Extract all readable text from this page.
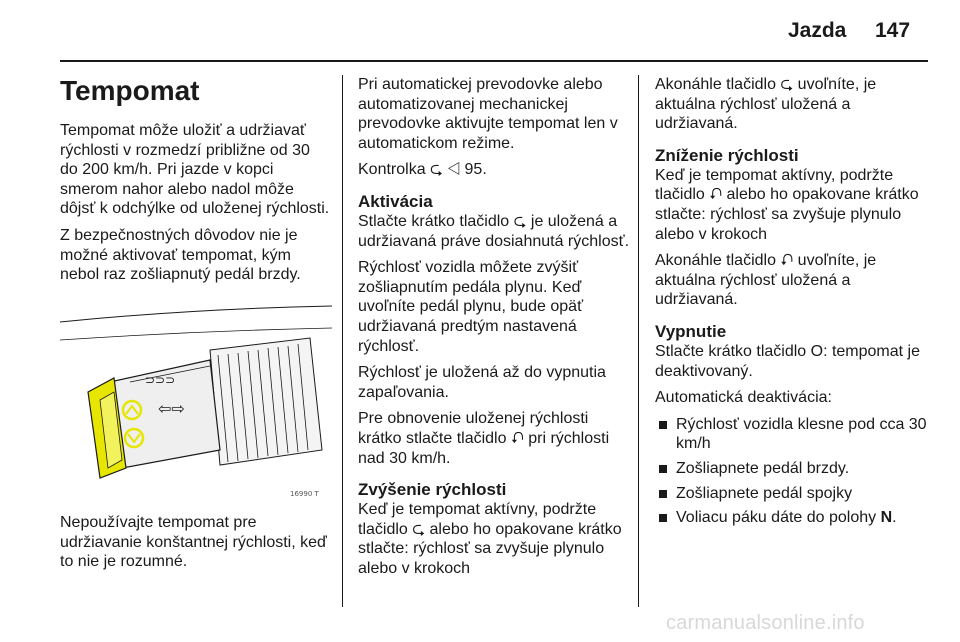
Jazda 147
Tempomat

Tempomat môže uložiť a udržiavať rýchlosti v rozmedzí približne od 30 do 200 km/h. Pri jazde v kopci smerom nahor alebo nadol môže dôjsť k odchýlke od uloženej rýchlosti.

Z bezpečnostných dôvodov nie je možné aktivovať tempomat, kým nebol raz zošliapnutý pedál brzdy.

⊃⊃⊃
⇦⇨
16990 T

Nepoužívajte tempomat pre udržiavanie konštantnej rýchlosti, keď to nie je rozumné.

Pri automatickej prevodovke alebo automatizovanej mechanickej prevodovke aktivujte tempomat len v automatickom režime.

Kontrolka ⮎ ◁ 95.

Aktivácia

Stlačte krátko tlačidlo ⮎ je uložená a udržiavaná práve dosiahnutá rýchlosť.

Rýchlosť vozidla môžete zvýšiť zošliapnutím pedála plynu. Keď uvoľníte pedál plynu, bude opäť udržiavaná predtým nastavená rýchlosť.

Rýchlosť je uložená až do vypnutia zapaľovania.

Pre obnovenie uloženej rýchlosti krátko stlačte tlačidlo ⮏ pri rýchlosti nad 30 km/h.

Zvýšenie rýchlosti

Keď je tempomat aktívny, podržte tlačidlo ⮎ alebo ho opakovane krátko stlačte: rýchlosť sa zvyšuje plynulo alebo v krokoch

Akonáhle tlačidlo ⮎ uvoľníte, je aktuálna rýchlosť uložená a udržiavaná.

Zníženie rýchlosti

Keď je tempomat aktívny, podržte tlačidlo ⮏ alebo ho opakovane krátko stlačte: rýchlosť sa zvyšuje plynulo alebo v krokoch

Akonáhle tlačidlo ⮏ uvoľníte, je aktuálna rýchlosť uložená a udržiavaná.

Vypnutie

Stlačte krátko tlačidlo O: tempomat je deaktivovaný.

Automatická deaktivácia:

Rýchlosť vozidla klesne pod cca 30 km/h
Zošliapnete pedál brzdy.
Zošliapnete pedál spojky
Voliacu páku dáte do polohy N.
carmanualsonline.info
